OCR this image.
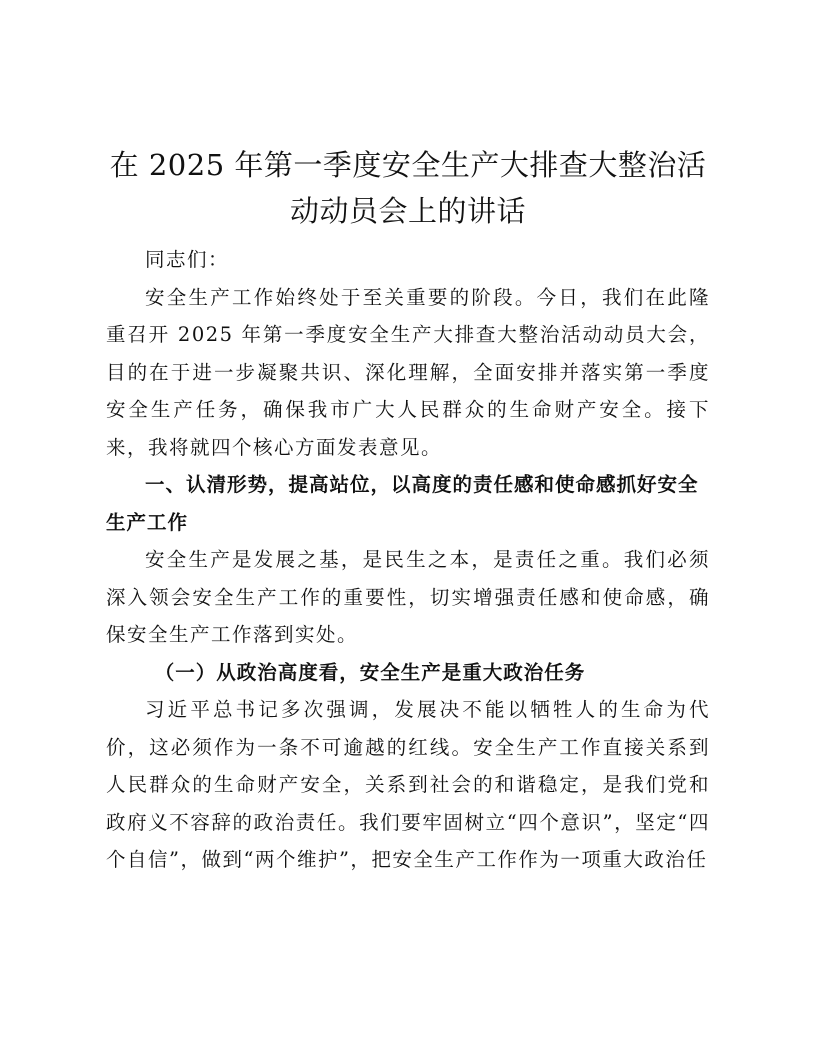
在 2025 年第一季度安全生产大排查大整治活
动动员会上的讲话

同志们：

安全生产工作始终处于至关重要的阶段。今日，我们在此隆重召开 2025 年第一季度安全生产大排查大整治活动动员大会，目的在于进一步凝聚共识、深化理解，全面安排并落实第一季度安全生产任务，确保我市广大人民群众的生命财产安全。接下来，我将就四个核心方面发表意见。

一、认清形势，提高站位，以高度的责任感和使命感抓好安全生产工作

安全生产是发展之基，是民生之本，是责任之重。我们必须深入领会安全生产工作的重要性，切实增强责任感和使命感，确保安全生产工作落到实处。

（一）从政治高度看，安全生产是重大政治任务

习近平总书记多次强调，发展决不能以牺牲人的生命为代价，这必须作为一条不可逾越的红线。安全生产工作直接关系到人民群众的生命财产安全，关系到社会的和谐稳定，是我们党和政府义不容辞的政治责任。我们要牢固树立“四个意识”，坚定“四个自信”，做到“两个维护”，把安全生产工作作为一项重大政治任
